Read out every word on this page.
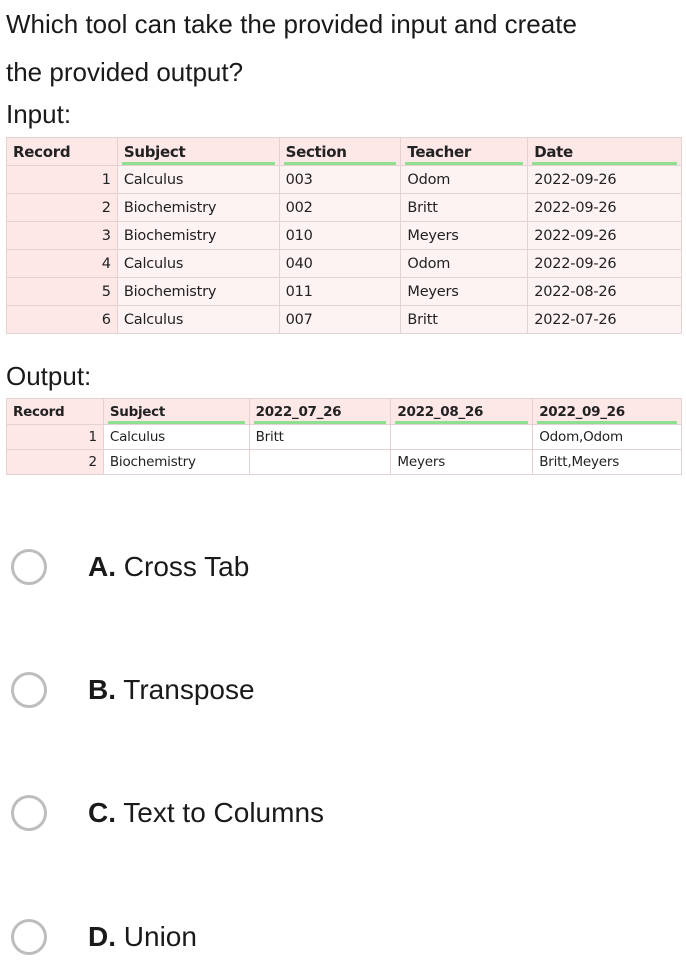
Which tool can take the provided input and create
the provided output?
Input:
Record	Subject	Section	Teacher	Date

1	Calculus	003	Odom	2022-09-26
2	Biochemistry	002	Britt	2022-09-26
3	Biochemistry	010	Meyers	2022-09-26
4	Calculus	040	Odom	2022-09-26
5	Biochemistry	011	Meyers	2022-08-26
6	Calculus	007	Britt	2022-07-26
Output:
Record	Subject	2022_07_26	2022_08_26	2022_09_26

1	Calculus	Britt		Odom,Odom
2	Biochemistry		Meyers	Britt,Meyers
A. Cross Tab
B. Transpose
C. Text to Columns
D. Union
